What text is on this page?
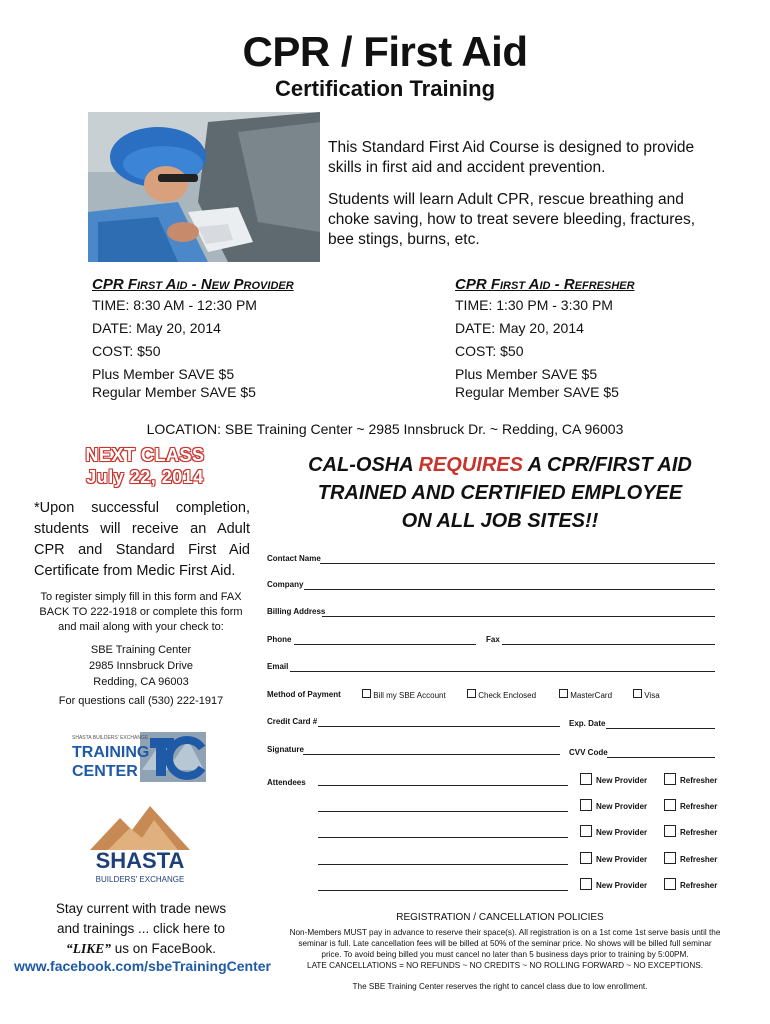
CPR / First Aid
Certification Training

This Standard First Aid Course is designed to provide skills in first aid and accident prevention.

Students will learn Adult CPR, rescue breathing and choke saving, how to treat severe bleeding, fractures, bee stings, burns, etc.

CPR First Aid - New Provider
TIME: 8:30 AM - 12:30 PM
DATE: May 20, 2014
COST: $50
Plus Member SAVE $5
Regular Member SAVE $5
CPR First Aid - Refresher
TIME: 1:30 PM - 3:30 PM
DATE: May 20, 2014
COST: $50
Plus Member SAVE $5
Regular Member SAVE $5
LOCATION: SBE Training Center ~ 2985 Innsbruck Dr. ~ Redding, CA 96003
NEXT CLASS
July 22, 2014
*Upon successful completion, students will receive an Adult CPR and Standard First Aid Certificate from Medic First Aid.
To register simply fill in this form and FAX BACK TO 222-1918 or complete this form and mail along with your check to:
SBE Training Center
2985 Innsbruck Drive
Redding, CA 96003
For questions call (530) 222-1917
SHASTA BUILDERS' EXCHANGE
TRAINING
CENTER
SHASTA
BUILDERS' EXCHANGE
Stay current with trade news
and trainings ... click here to
“LIKE” us on FaceBook.
www.facebook.com/sbeTrainingCenter
CAL-OSHA REQUIRES A CPR/FIRST AID
TRAINED AND CERTIFIED EMPLOYEE
ON ALL JOB SITES!!
Contact Name
Company
Billing Address
Phone	Fax
Email
Method of Payment	Bill my SBE Account	Check Enclosed	MasterCard	Visa
Credit Card #	Exp. Date
Signature	CVV Code
Attendees	New Provider	Refresher
New Provider	Refresher
New Provider	Refresher
New Provider	Refresher
New Provider	Refresher
REGISTRATION / CANCELLATION POLICIES
Non-Members MUST pay in advance to reserve their space(s). All registration is on a 1st come 1st serve basis until the
seminar is full. Late cancellation fees will be billed at 50% of the seminar price. No shows will be billed full seminar
price. To avoid being billed you must cancel no later than 5 business days prior to training by 5:00PM.
LATE CANCELLATIONS = NO REFUNDS ~ NO CREDITS ~ NO ROLLING FORWARD ~ NO EXCEPTIONS.
The SBE Training Center reserves the right to cancel class due to low enrollment.
